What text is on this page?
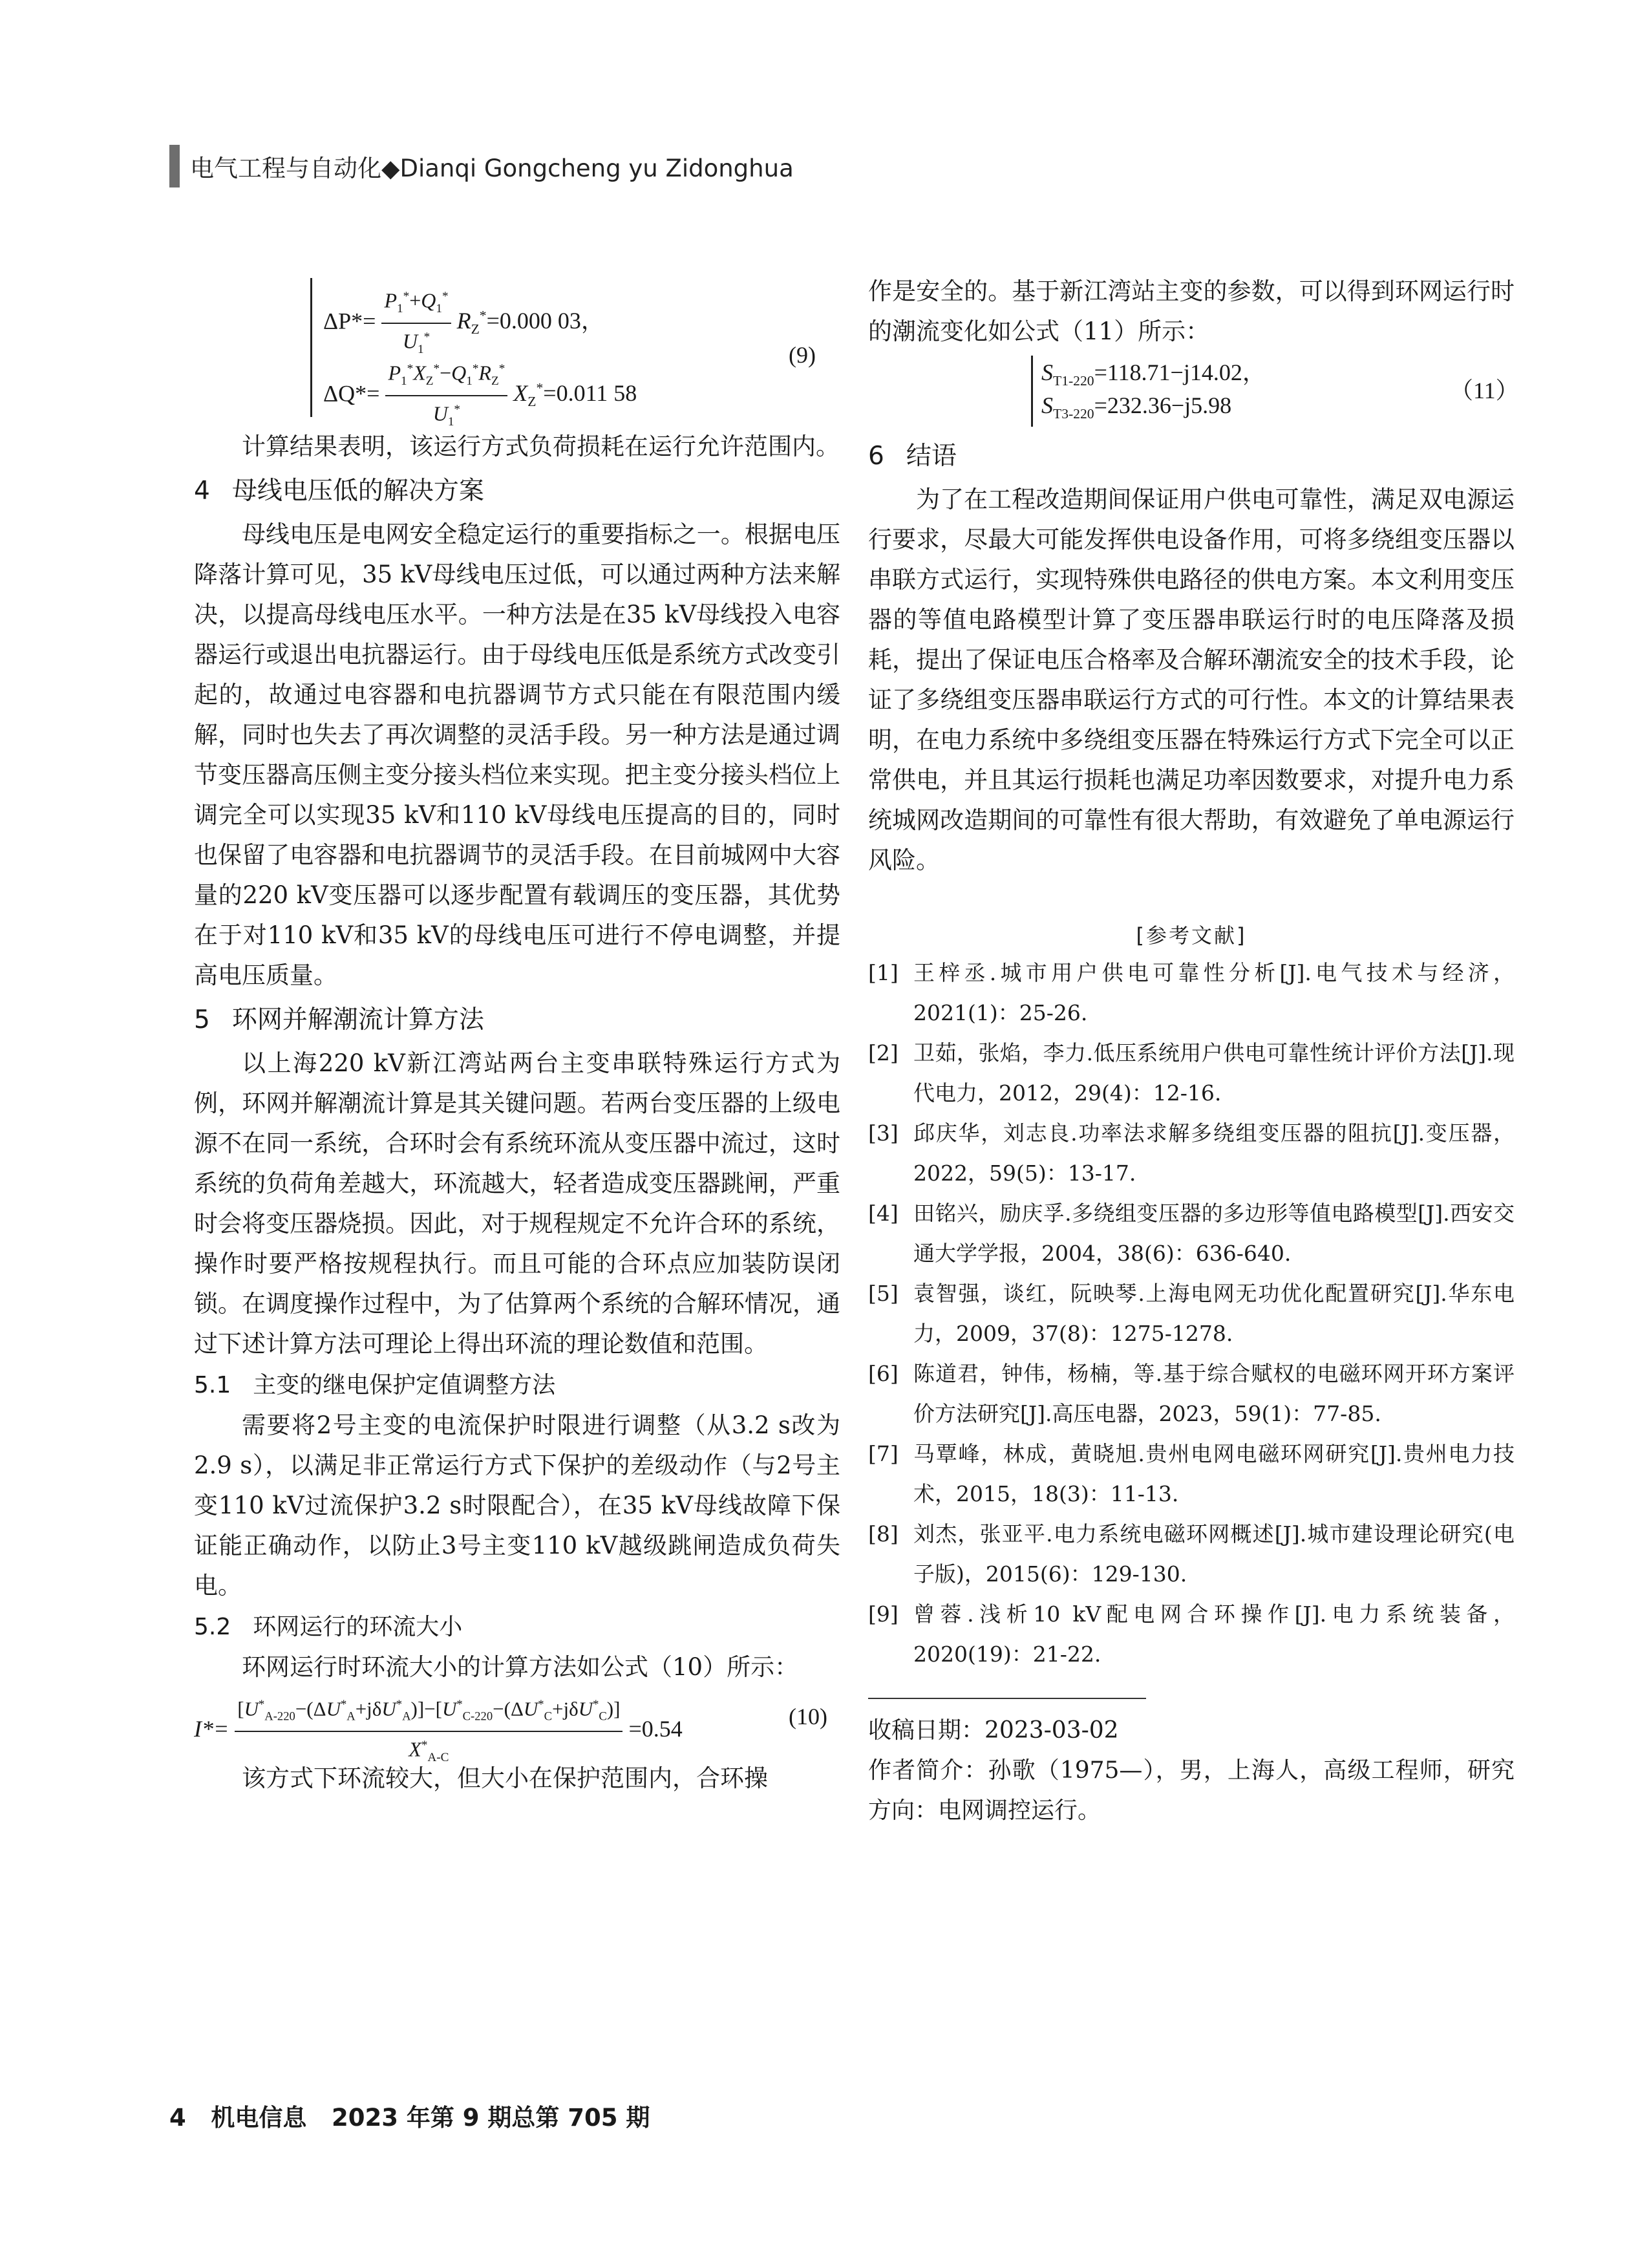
电气工程与自动化◆Dianqi Gongcheng yu Zidonghua
$\Delta P*= \frac{P_1^*+Q_1^*}{U_1^*} R_Z^*=0.000$ 03，
$\Delta Q*= \frac{P_1^*X_Z^*-Q_1^*R_Z^*}{U_1^*} X_Z^*=0.011$ 58
(9)

计算结果表明，该运行方式负荷损耗在运行允许范围内。

4 母线电压低的解决方案

母线电压是电网安全稳定运行的重要指标之一。根据电压降落计算可见，35 kV母线电压过低，可以通过两种方法来解决，以提高母线电压水平。一种方法是在35 kV母线投入电容器运行或退出电抗器运行。由于母线电压低是系统方式改变引起的，故通过电容器和电抗器调节方式只能在有限范围内缓解，同时也失去了再次调整的灵活手段。另一种方法是通过调节变压器高压侧主变分接头档位来实现。把主变分接头档位上调完全可以实现35 kV和110 kV母线电压提高的目的，同时也保留了电容器和电抗器调节的灵活手段。在目前城网中大容量的220 kV变压器可以逐步配置有载调压的变压器，其优势在于对110 kV和35 kV的母线电压可进行不停电调整，并提高电压质量。

5 环网并解潮流计算方法

以上海220 kV新江湾站两台主变串联特殊运行方式为例，环网并解潮流计算是其关键问题。若两台变压器的上级电源不在同一系统，合环时会有系统环流从变压器中流过，这时系统的负荷角差越大，环流越大，轻者造成变压器跳闸，严重时会将变压器烧损。因此，对于规程规定不允许合环的系统，操作时要严格按规程执行。而且可能的合环点应加装防误闭锁。在调度操作过程中，为了估算两个系统的合解环情况，通过下述计算方法可理论上得出环流的理论数值和范围。

5.1 主变的继电保护定值调整方法

需要将2号主变的电流保护时限进行调整（从3.2 s改为2.9 s），以满足非正常运行方式下保护的差级动作（与2号主变110 kV过流保护3.2 s时限配合），在35 kV母线故障下保证能正确动作，以防止3号主变110 kV越级跳闸造成负荷失电。

5.2 环网运行的环流大小

环网运行时环流大小的计算方法如公式（10）所示：

$I*= \frac{[U^*_{A-220}-(\Delta U^*_A+j\delta U^*_A)]-[U^*_{C-220}-(\Delta U^*_C+j\delta U^*_C)]}{X^*_{A-C}} =0.54$	(10)

该方式下环流较大，但大小在保护范围内，合环操

作是安全的。基于新江湾站主变的参数，可以得到环网运行时的潮流变化如公式（11）所示：

$S_{T1-220}=118.71-j14.02$，
$S_{T3-220}=232.36-j5.98$
（11）
6 结语

为了在工程改造期间保证用户供电可靠性，满足双电源运行要求，尽最大可能发挥供电设备作用，可将多绕组变压器以串联方式运行，实现特殊供电路径的供电方案。本文利用变压器的等值电路模型计算了变压器串联运行时的电压降落及损耗，提出了保证电压合格率及合解环潮流安全的技术手段，论证了多绕组变压器串联运行方式的可行性。本文的计算结果表明，在电力系统中多绕组变压器在特殊运行方式下完全可以正常供电，并且其运行损耗也满足功率因数要求，对提升电力系统城网改造期间的可靠性有很大帮助，有效避免了单电源运行风险。

[参考文献]
[1] 王梓丞.城市用户供电可靠性分析[J].电气技术与经济，2021(1)：25-26.
[2] 卫茹，张焰，李力.低压系统用户供电可靠性统计评价方法[J].现代电力，2012，29(4)：12-16.
[3] 邱庆华，刘志良.功率法求解多绕组变压器的阻抗[J].变压器，2022，59(5)：13-17.
[4] 田铭兴，励庆孚.多绕组变压器的多边形等值电路模型[J].西安交通大学学报，2004，38(6)：636-640.
[5] 袁智强，谈红，阮映琴.上海电网无功优化配置研究[J].华东电力，2009，37(8)：1275-1278.
[6] 陈道君，钟伟，杨楠，等.基于综合赋权的电磁环网开环方案评价方法研究[J].高压电器，2023，59(1)：77-85.
[7] 马覃峰，林成，黄晓旭.贵州电网电磁环网研究[J].贵州电力技术，2015，18(3)：11-13.
[8] 刘杰，张亚平.电力系统电磁环网概述[J].城市建设理论研究(电子版)，2015(6)：129-130.
[9] 曾蓉.浅析10 kV配电网合环操作[J].电力系统装备，2020(19)：21-22.
收稿日期：2023-03-02
作者简介：孙歌（1975—），男，上海人，高级工程师，研究方向：电网调控运行。
4   机电信息   2023 年第 9 期总第 705 期
